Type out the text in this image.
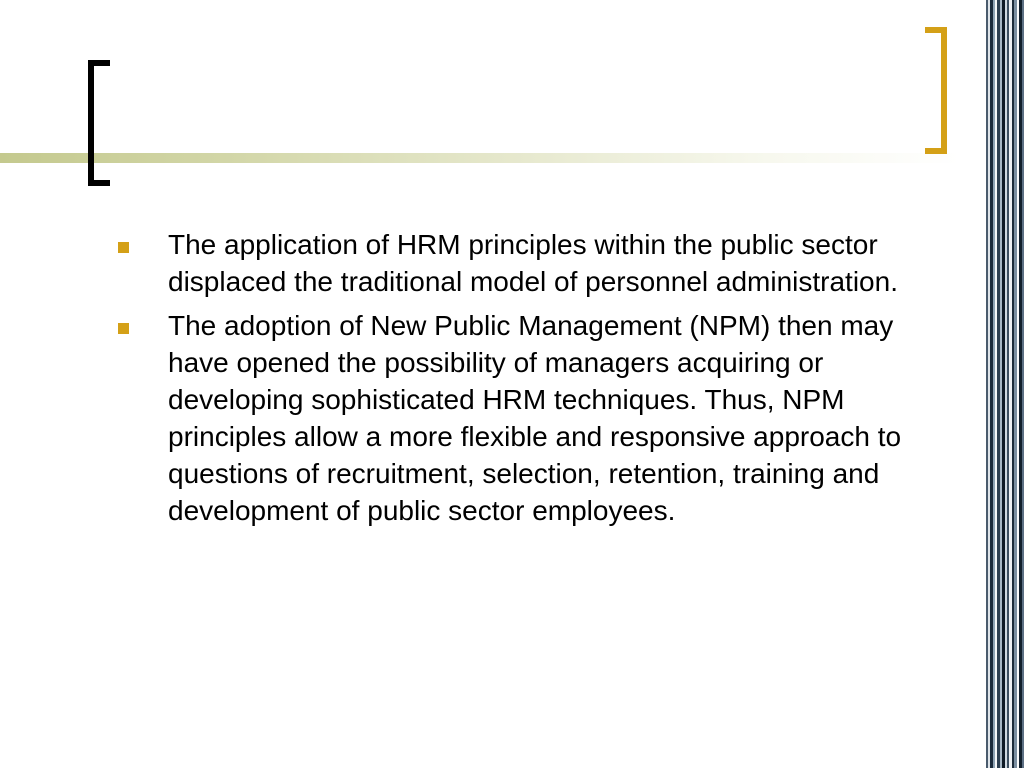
The application of HRM principles within the public sector displaced the traditional model of personnel administration.
The adoption of New Public Management (NPM) then may have opened the possibility of managers acquiring or developing sophisticated HRM techniques. Thus, NPM principles allow a more flexible and responsive approach to questions of recruitment, selection, retention, training and development of public sector employees.
